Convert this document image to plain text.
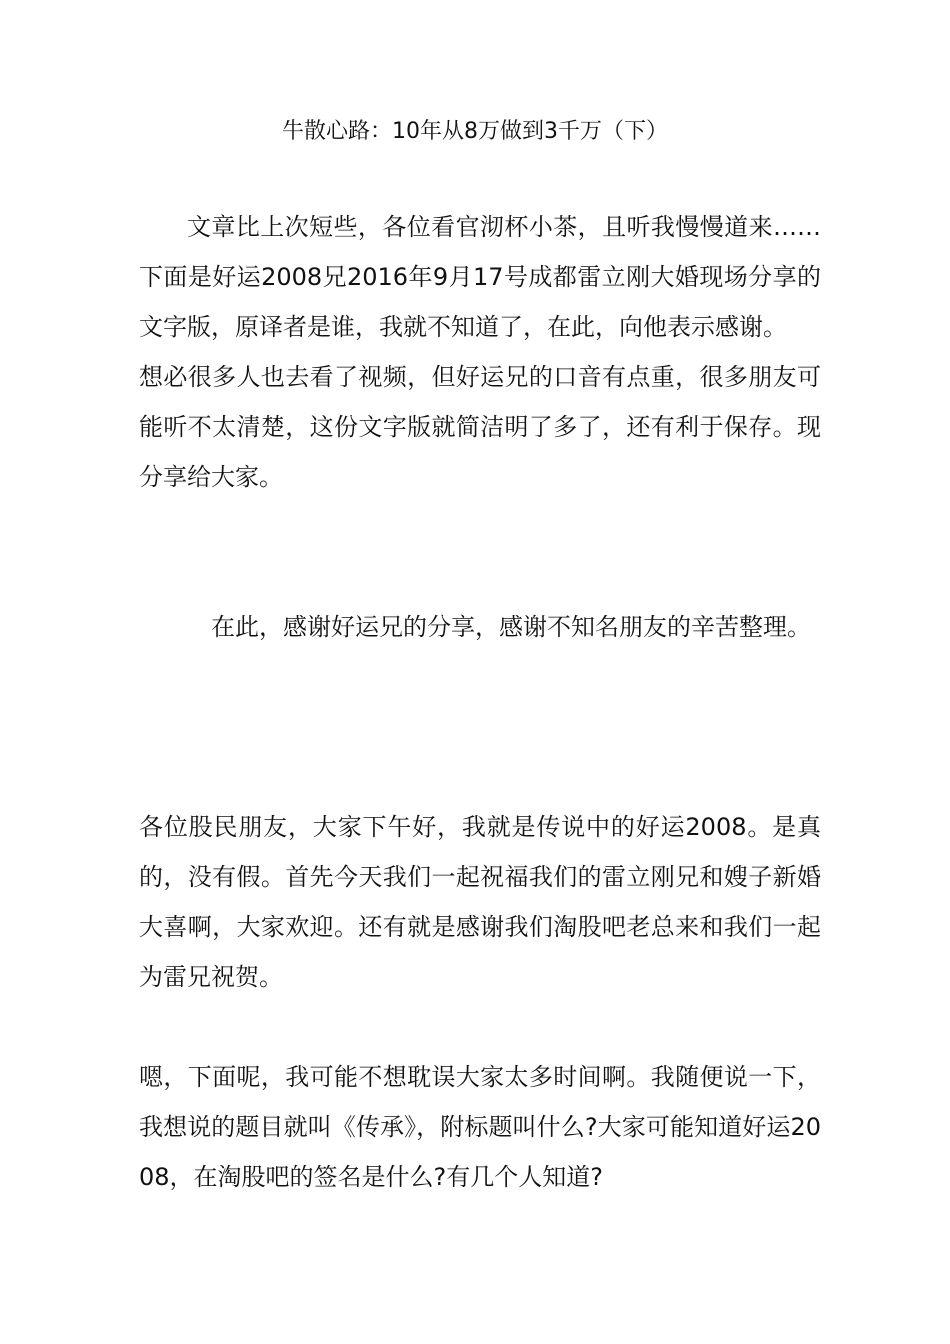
牛散心路：10年从8万做到3千万（下）

文章比上次短些，各位看官沏杯小茶，且听我慢慢道来……下面是好运2008兄2016年9月17号成都雷立刚大婚现场分享的文字版，原译者是谁，我就不知道了，在此，向他表示感谢。

想必很多人也去看了视频，但好运兄的口音有点重，很多朋友可能听不太清楚，这份文字版就简洁明了多了，还有利于保存。现分享给大家。

在此，感谢好运兄的分享，感谢不知名朋友的辛苦整理。

各位股民朋友，大家下午好，我就是传说中的好运2008。是真的，没有假。首先今天我们一起祝福我们的雷立刚兄和嫂子新婚大喜啊，大家欢迎。还有就是感谢我们淘股吧老总来和我们一起为雷兄祝贺。

嗯，下面呢，我可能不想耽误大家太多时间啊。我随便说一下，我想说的题目就叫《传承》，附标题叫什么?大家可能知道好运2008，在淘股吧的签名是什么?有几个人知道?
